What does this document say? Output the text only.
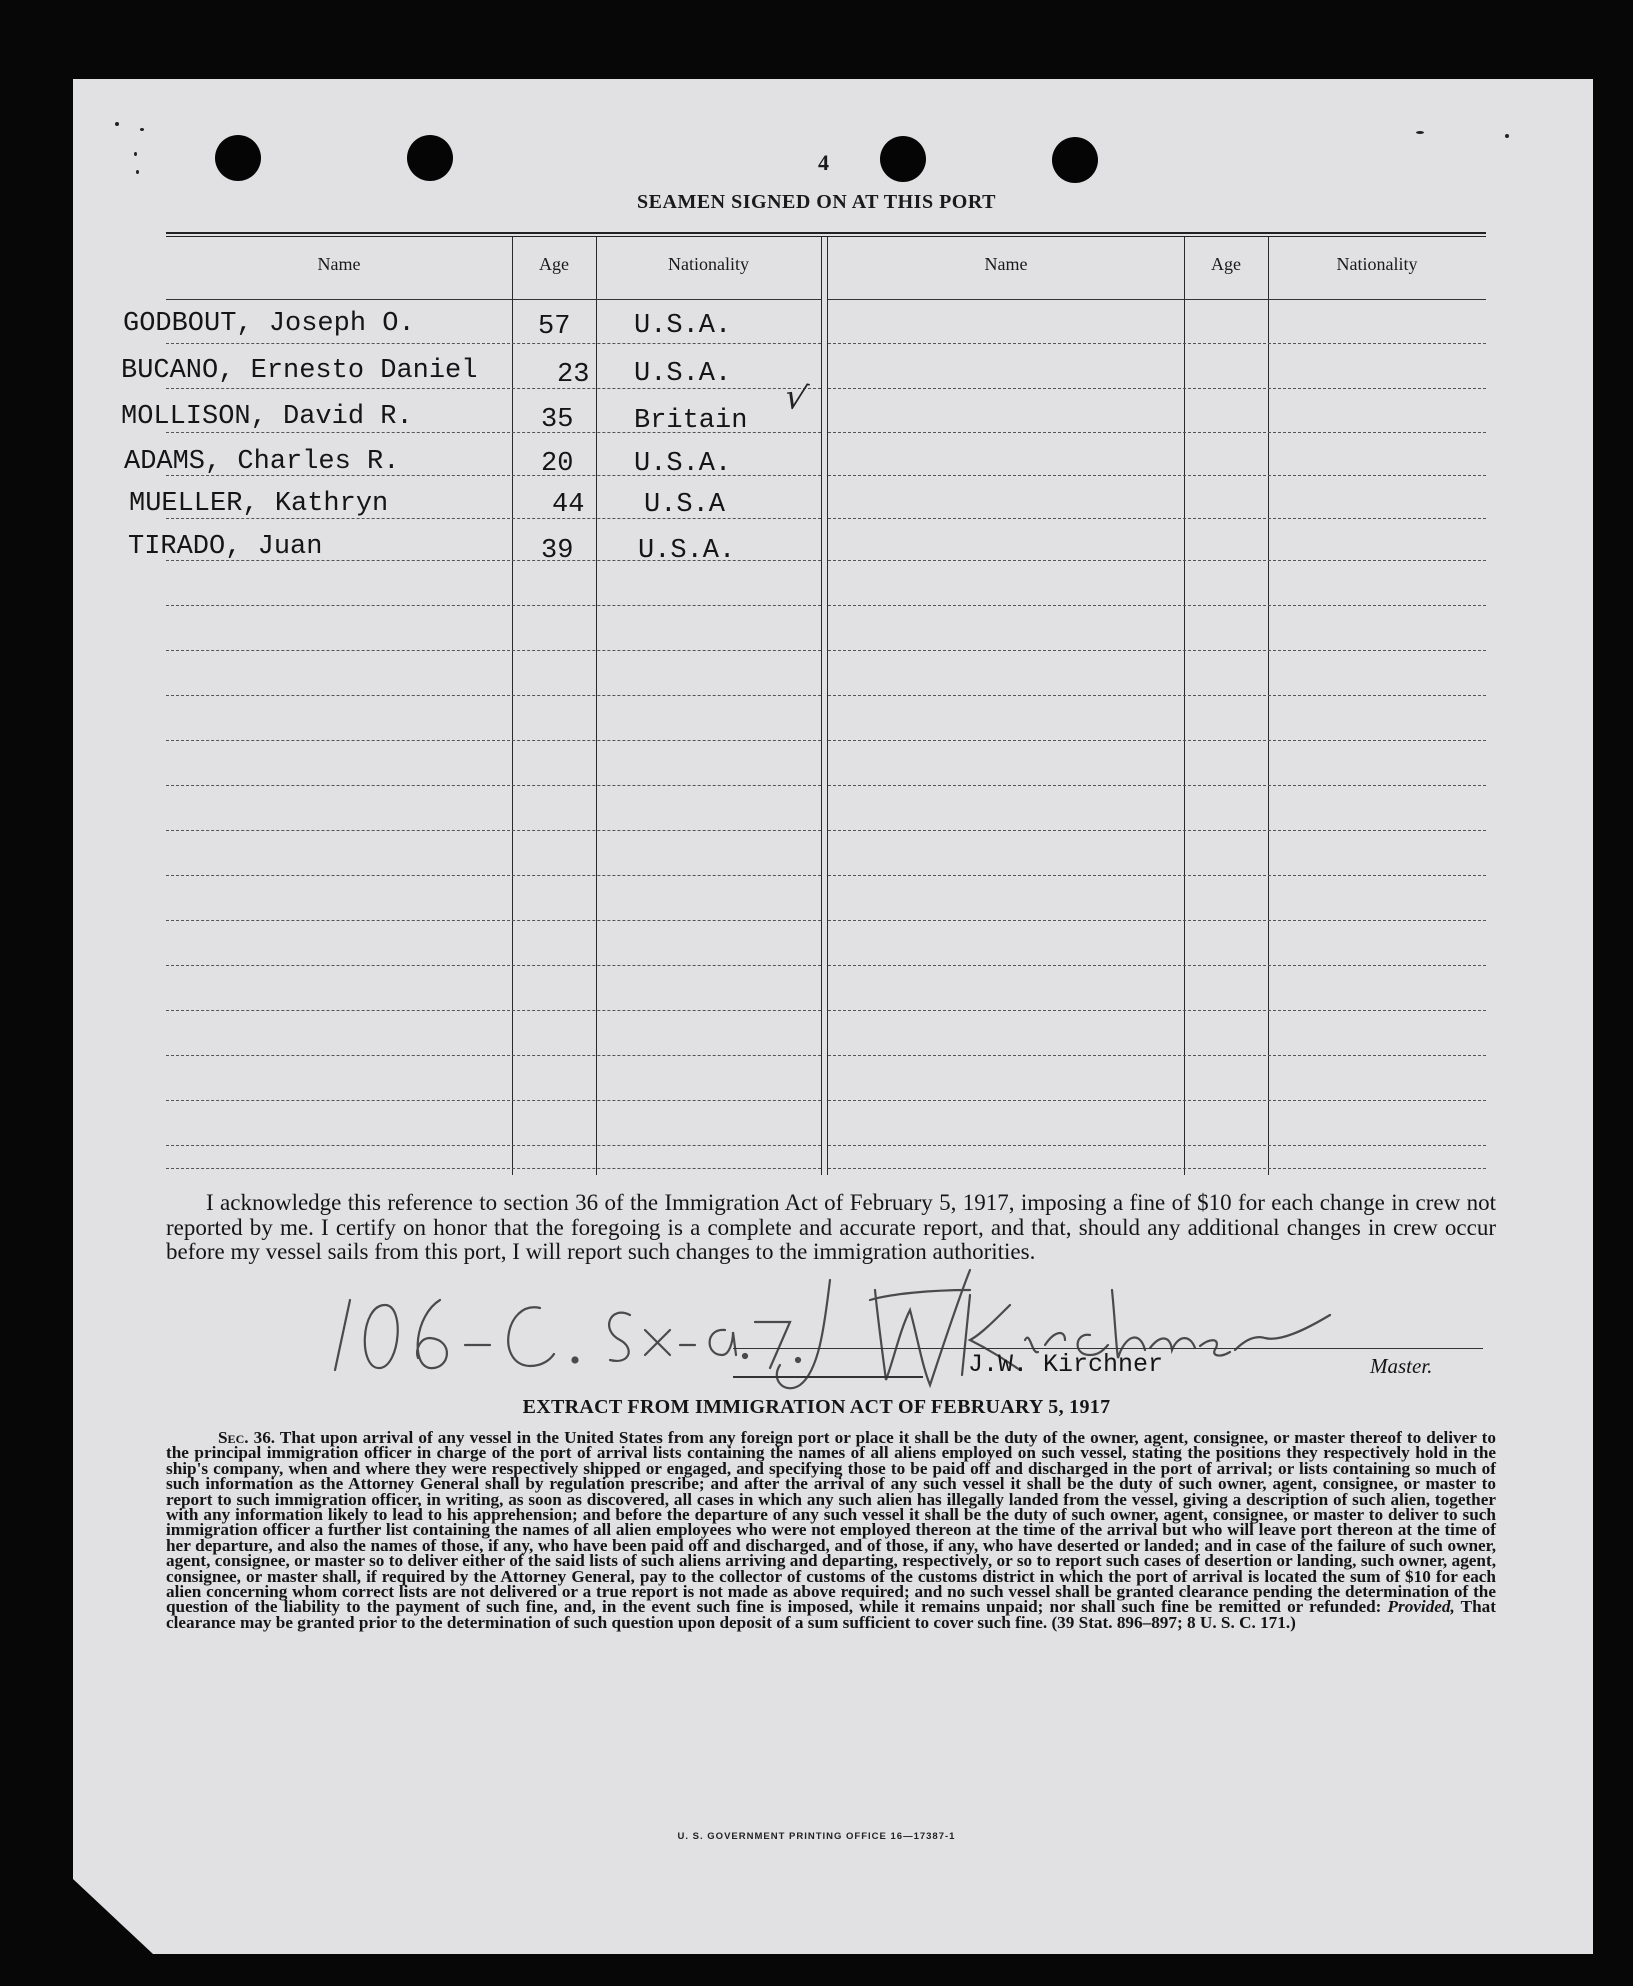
4
SEAMEN SIGNED ON AT THIS PORT
Name	Age	Nationality	Name	Age	Nationality
GODBOUT, Joseph O.	57 U.S.A.
BUCANO, Ernesto Daniel	23 U.S.A.
MOLLISON, David R.	35 Britain
√
ADAMS, Charles R.	20 U.S.A.
MUELLER, Kathryn	44 U.S.A
TIRADO, Juan	39 U.S.A.
I acknowledge this reference to section 36 of the Immigration Act of February 5, 1917, imposing a fine of $10 for each change in crew not reported by me. I certify on honor that the foregoing is a complete and accurate report, and that, should any additional changes in crew occur before my vessel sails from this port, I will report such changes to the immigration authorities.
J.W. Kirchner	Master.
EXTRACT FROM IMMIGRATION ACT OF FEBRUARY 5, 1917
Sec. 36. That upon arrival of any vessel in the United States from any foreign port or place it shall be the duty of the owner, agent, consignee, or master thereof to deliver to the principal immigration officer in charge of the port of arrival lists containing the names of all aliens employed on such vessel, stating the positions they respectively hold in the ship's company, when and where they were respectively shipped or engaged, and specifying those to be paid off and discharged in the port of arrival; or lists containing so much of such information as the Attorney General shall by regulation prescribe; and after the arrival of any such vessel it shall be the duty of such owner, agent, consignee, or master to report to such immigration officer, in writing, as soon as discovered, all cases in which any such alien has illegally landed from the vessel, giving a description of such alien, together with any information likely to lead to his apprehension; and before the departure of any such vessel it shall be the duty of such owner, agent, consignee, or master to deliver to such immigration officer a further list containing the names of all alien employees who were not employed thereon at the time of the arrival but who will leave port thereon at the time of her departure, and also the names of those, if any, who have been paid off and discharged, and of those, if any, who have deserted or landed; and in case of the failure of such owner, agent, consignee, or master so to deliver either of the said lists of such aliens arriving and departing, respectively, or so to report such cases of desertion or landing, such owner, agent, consignee, or master shall, if required by the Attorney General, pay to the collector of customs of the customs district in which the port of arrival is located the sum of $10 for each alien concerning whom correct lists are not delivered or a true report is not made as above required; and no such vessel shall be granted clearance pending the determination of the question of the liability to the payment of such fine, and, in the event such fine is imposed, while it remains unpaid; nor shall such fine be remitted or refunded: Provided, That clearance may be granted prior to the determination of such question upon deposit of a sum sufficient to cover such fine. (39 Stat. 896–897; 8 U. S. C. 171.)
U. S. GOVERNMENT PRINTING OFFICE 16—17387-1
